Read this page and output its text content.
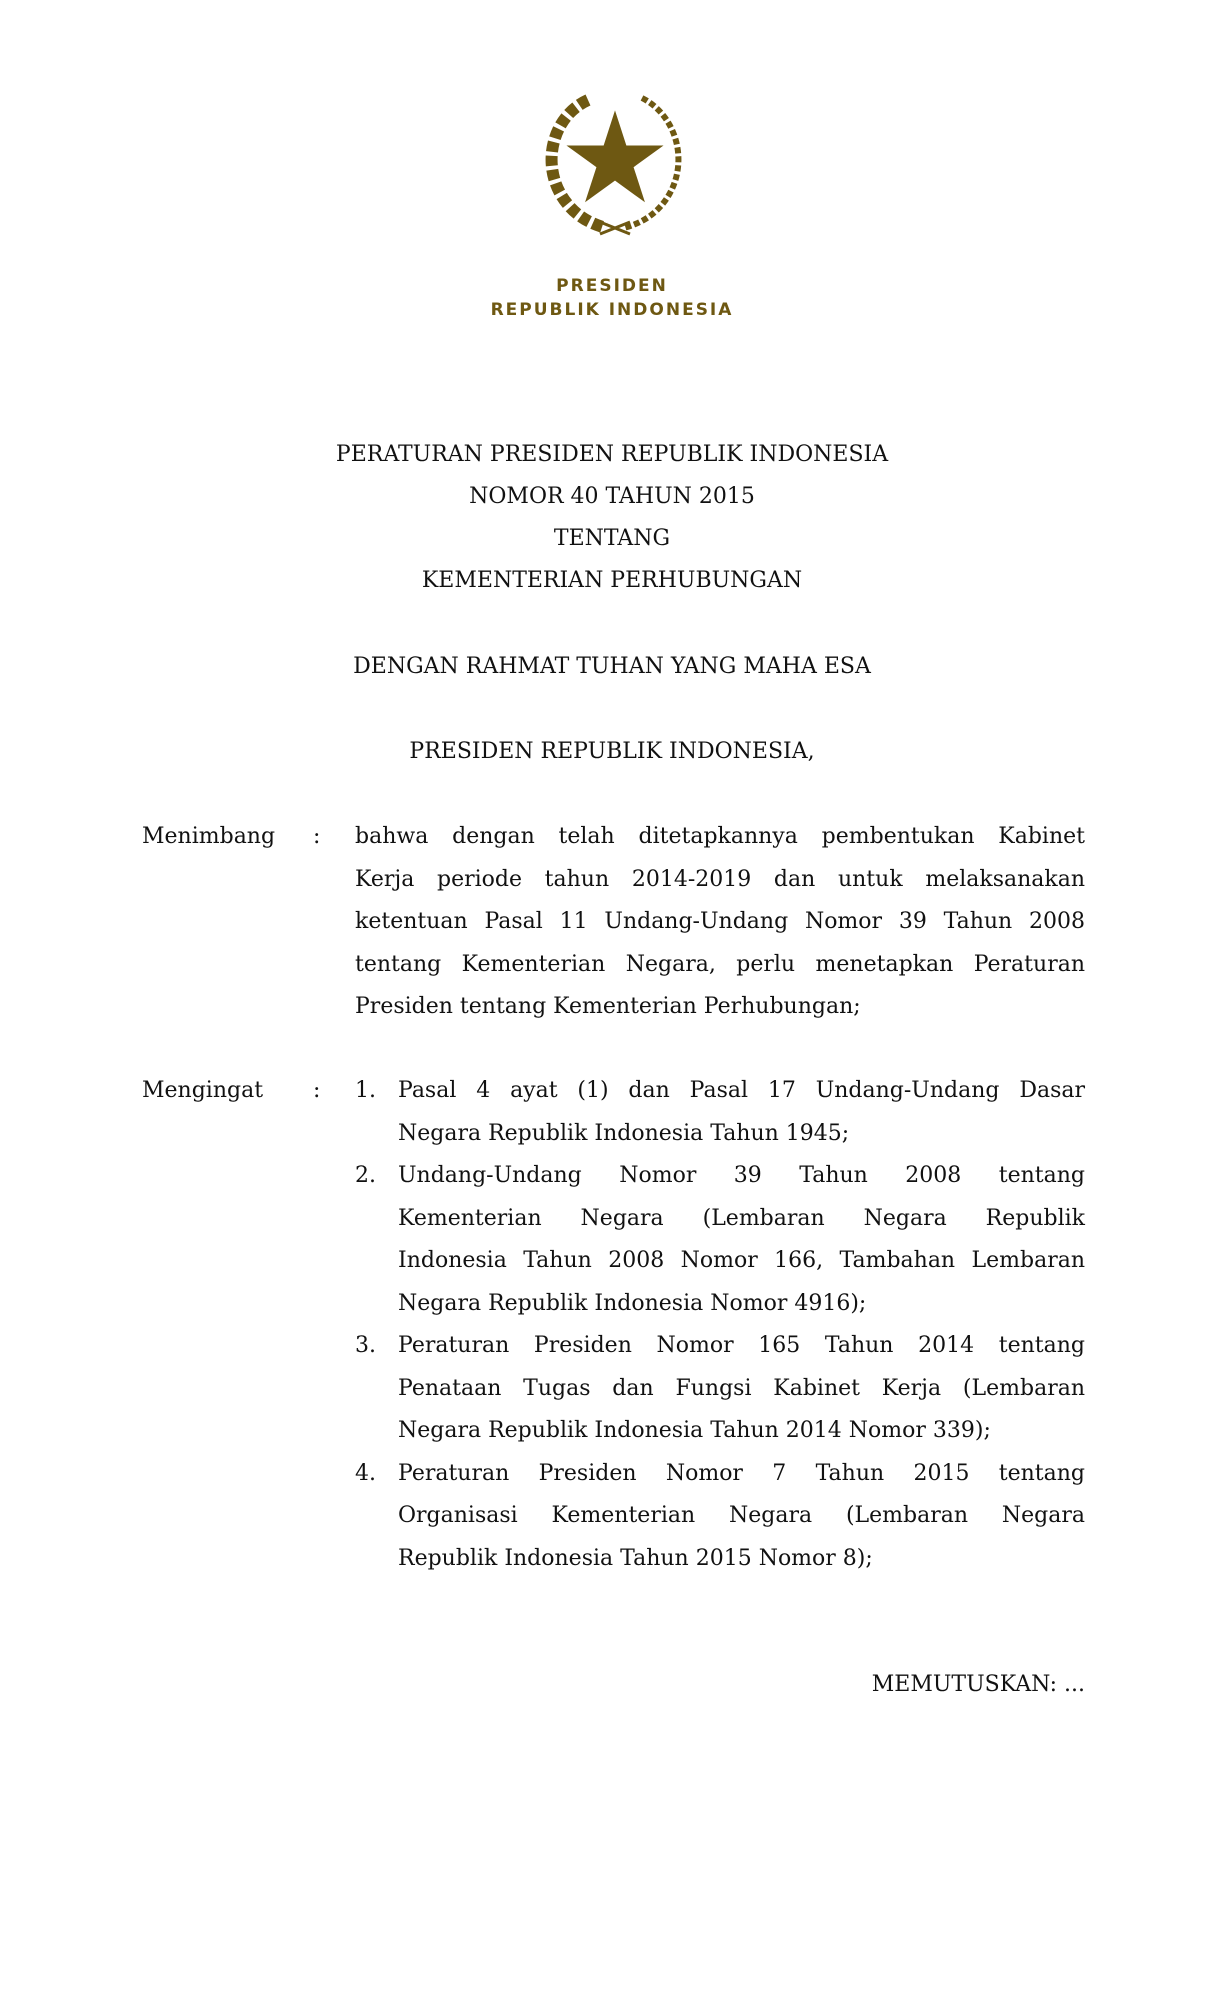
PRESIDEN
REPUBLIK INDONESIA
PERATURAN PRESIDEN REPUBLIK INDONESIA
NOMOR 40 TAHUN 2015
TENTANG
KEMENTERIAN PERHUBUNGAN
DENGAN RAHMAT TUHAN YANG MAHA ESA
PRESIDEN REPUBLIK INDONESIA,
Menimbang : bahwa dengan telah ditetapkannya pembentukan Kabinet
Kerja periode tahun 2014-2019 dan untuk melaksanakan
ketentuan Pasal 11 Undang-Undang Nomor 39 Tahun 2008
tentang Kementerian Negara, perlu menetapkan Peraturan
Presiden tentang Kementerian Perhubungan;
Mengingat : 1. Pasal 4 ayat (1) dan Pasal 17 Undang-Undang Dasar
Negara Republik Indonesia Tahun 1945;
2. Undang-Undang Nomor 39 Tahun 2008 tentang
Kementerian Negara (Lembaran Negara Republik
Indonesia Tahun 2008 Nomor 166, Tambahan Lembaran
Negara Republik Indonesia Nomor 4916);
3. Peraturan Presiden Nomor 165 Tahun 2014 tentang
Penataan Tugas dan Fungsi Kabinet Kerja (Lembaran
Negara Republik Indonesia Tahun 2014 Nomor 339);
4. Peraturan Presiden Nomor 7 Tahun 2015 tentang
Organisasi Kementerian Negara (Lembaran Negara
Republik Indonesia Tahun 2015 Nomor 8);
MEMUTUSKAN: ...
